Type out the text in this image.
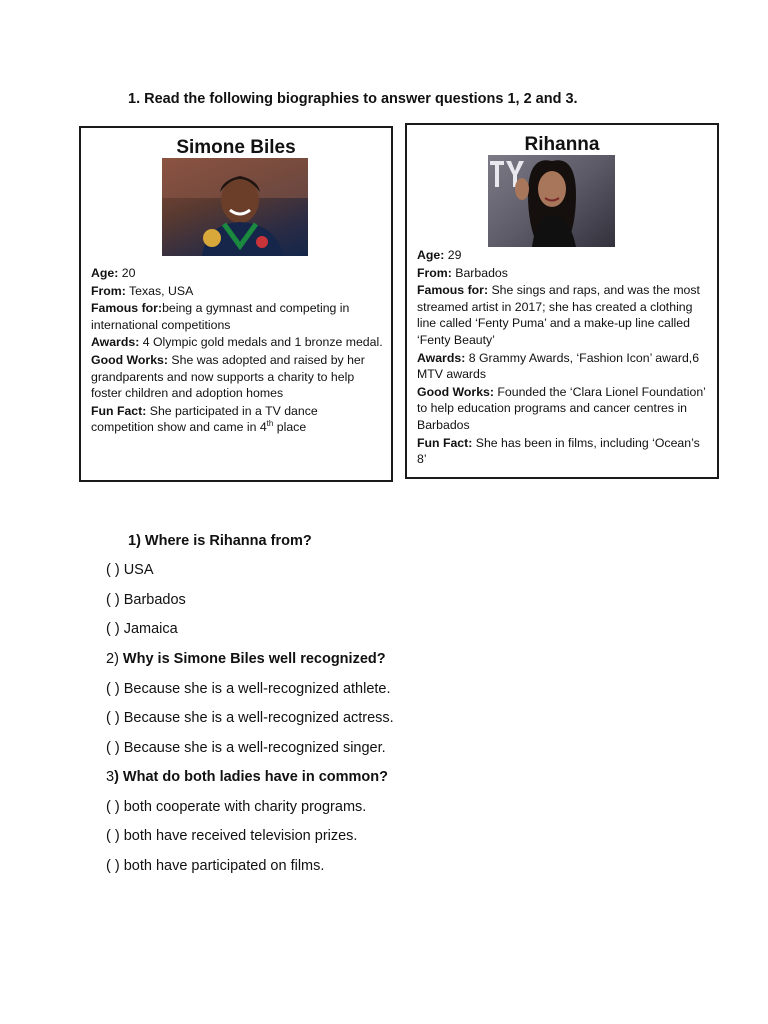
1. Read the following biographies to answer questions 1, 2 and 3.
Simone Biles

Age: 20

From: Texas, USA

Famous for:being a gymnast and competing in international competitions

Awards: 4 Olympic gold medals and 1 bronze medal.

Good Works: She was adopted and raised by her grandparents and now supports a charity to help foster children and adoption homes

Fun Fact: She participated in a TV dance competition show and came in 4th place

Rihanna

Age: 29

From: Barbados

Famous for: She sings and raps, and was the most streamed artist in 2017; she has created a clothing line called ‘Fenty Puma’ and a make-up line called ‘Fenty Beauty’

Awards: 8 Grammy Awards, ‘Fashion Icon’ award,6 MTV awards

Good Works: Founded the ‘Clara Lionel Foundation’ to help education programs and cancer centres in Barbados

Fun Fact: She has been in films, including ‘Ocean’s 8’

1) Where is Rihanna from?
( ) USA
( ) Barbados
( ) Jamaica
2) Why is Simone Biles well recognized?
( ) Because she is a well-recognized athlete.
( ) Because she is a well-recognized actress.
( ) Because she is a well-recognized singer.
3) What do both ladies have in common?
( ) both cooperate with charity programs.
( ) both have received television prizes.
( ) both have participated on films.
